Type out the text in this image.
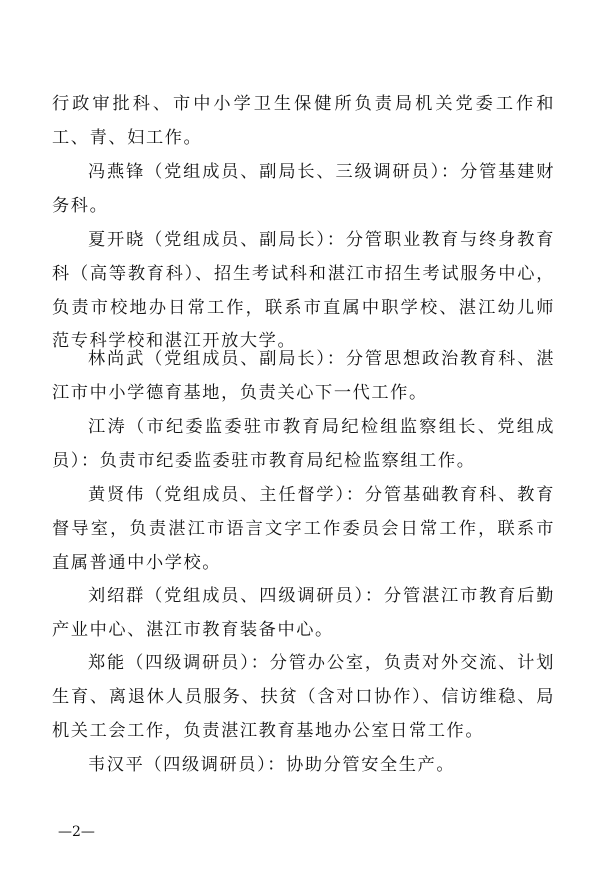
行政审批科、市中小学卫生保健所负责局机关党委工作和工、青、妇工作。

冯燕锋（党组成员、副局长、三级调研员）：分管基建财务科。

夏开晓（党组成员、副局长）：分管职业教育与终身教育科（高等教育科）、招生考试科和湛江市招生考试服务中心，负责市校地办日常工作，联系市直属中职学校、湛江幼儿师范专科学校和湛江开放大学。

林尚武（党组成员、副局长）：分管思想政治教育科、湛江市中小学德育基地，负责关心下一代工作。

江涛（市纪委监委驻市教育局纪检组监察组长、党组成员）：负责市纪委监委驻市教育局纪检监察组工作。

黄贤伟（党组成员、主任督学）：分管基础教育科、教育督导室，负责湛江市语言文字工作委员会日常工作，联系市直属普通中小学校。

刘绍群（党组成员、四级调研员）：分管湛江市教育后勤产业中心、湛江市教育装备中心。

郑能（四级调研员）：分管办公室，负责对外交流、计划生育、离退休人员服务、扶贫（含对口协作）、信访维稳、局机关工会工作，负责湛江教育基地办公室日常工作。

韦汉平（四级调研员）：协助分管安全生产。

—2—
